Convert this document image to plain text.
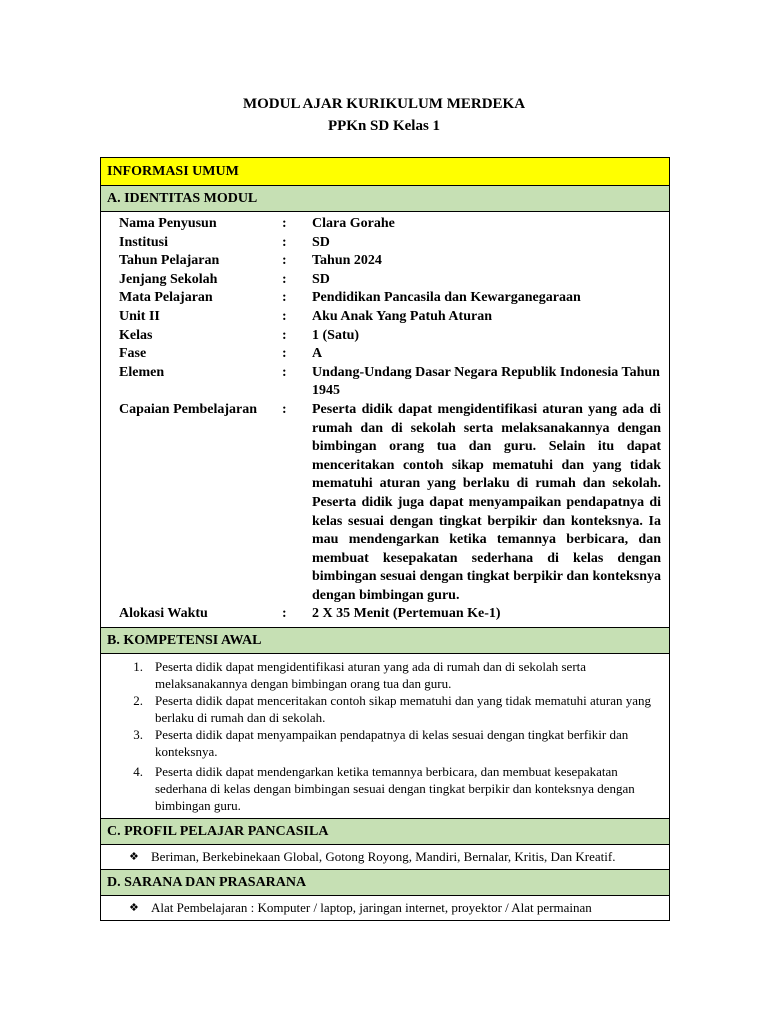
MODUL AJAR KURIKULUM MERDEKA
PPKn SD Kelas 1
INFORMASI UMUM
A. IDENTITAS MODUL
Nama Penyusun	:	Clara Gorahe
Institusi	:	SD
Tahun Pelajaran	:	Tahun 2024
Jenjang Sekolah	:	SD
Mata Pelajaran	:	Pendidikan Pancasila dan Kewarganegaraan
Unit II	:	Aku Anak Yang Patuh Aturan
Kelas	:	1 (Satu)
Fase	:	A
Elemen	:	Undang-Undang Dasar Negara Republik Indonesia Tahun 1945
Capaian Pembelajaran	:	Peserta didik dapat mengidentifikasi aturan yang ada di rumah dan di sekolah serta melaksanakannya dengan bimbingan orang tua dan guru. Selain itu dapat menceritakan contoh sikap mematuhi dan yang tidak mematuhi aturan yang berlaku di rumah dan sekolah. Peserta didik juga dapat menyampaikan pendapatnya di kelas sesuai dengan tingkat berpikir dan konteksnya. Ia mau mendengarkan ketika temannya berbicara, dan membuat kesepakatan sederhana di kelas dengan bimbingan sesuai dengan tingkat berpikir dan konteksnya dengan bimbingan guru.
Alokasi Waktu	:	2 X 35 Menit (Pertemuan Ke-1)
B. KOMPETENSI AWAL
1. Peserta didik dapat mengidentifikasi aturan yang ada di rumah dan di sekolah serta melaksanakannya dengan bimbingan orang tua dan guru.
2. Peserta didik dapat menceritakan contoh sikap mematuhi dan yang tidak mematuhi aturan yang berlaku di rumah dan di sekolah.
3. Peserta didik dapat menyampaikan pendapatnya di kelas sesuai dengan tingkat berfikir dan konteksnya.
4. Peserta didik dapat mendengarkan ketika temannya berbicara, dan membuat kesepakatan sederhana di kelas dengan bimbingan sesuai dengan tingkat berpikir dan konteksnya dengan bimbingan guru.
C. PROFIL PELAJAR PANCASILA
❖ Beriman, Berkebinekaan Global, Gotong Royong, Mandiri, Bernalar, Kritis, Dan Kreatif.
D. SARANA DAN PRASARANA
❖ Alat Pembelajaran : Komputer / laptop, jaringan internet, proyektor / Alat permainan
